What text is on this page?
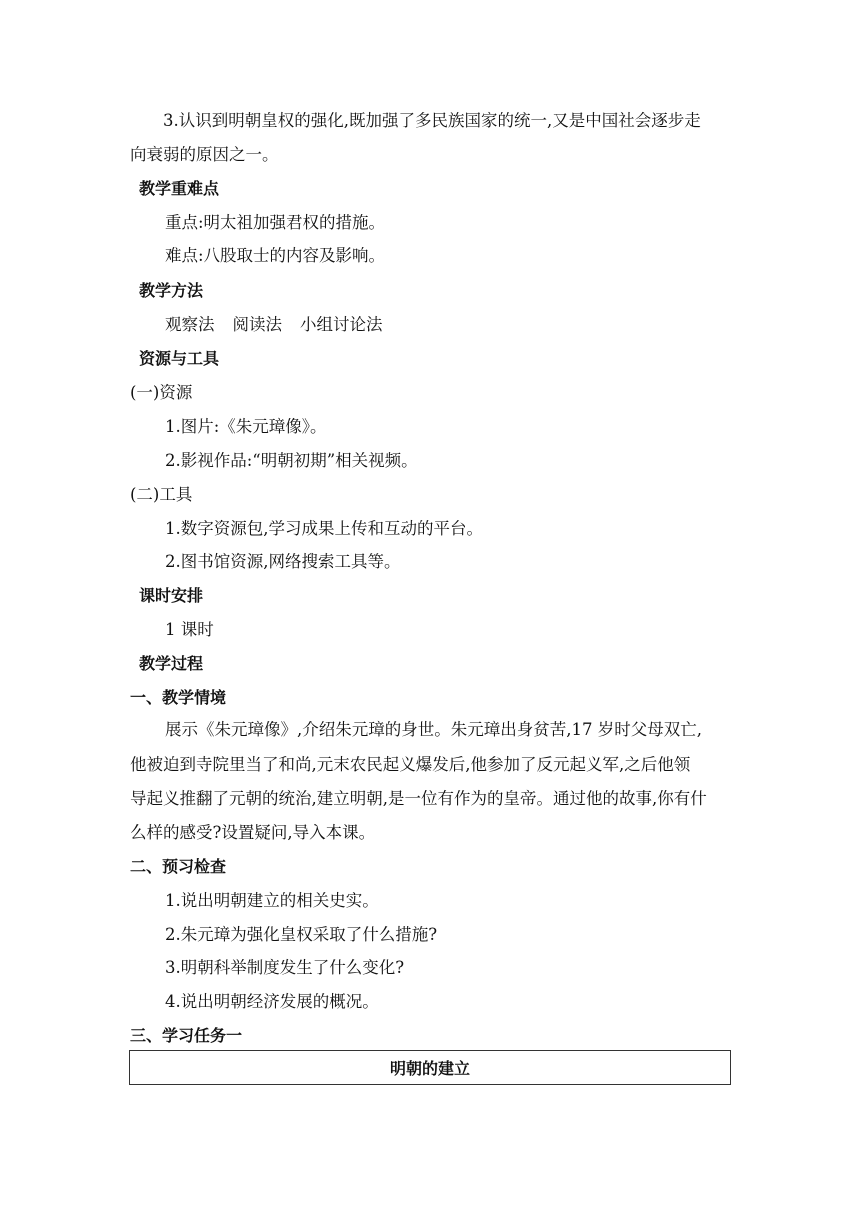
3.认识到明朝皇权的强化,既加强了多民族国家的统一,又是中国社会逐步走
向衰弱的原因之一。
教学重难点
重点:明太祖加强君权的措施。
难点:八股取士的内容及影响。
教学方法
观察法 阅读法 小组讨论法
资源与工具
(一)资源
1.图片:《朱元璋像》。
2.影视作品:“明朝初期”相关视频。
(二)工具
1.数字资源包,学习成果上传和互动的平台。
2.图书馆资源,网络搜索工具等。
课时安排
1 课时
教学过程
一、教学情境
展示《朱元璋像》,介绍朱元璋的身世。朱元璋出身贫苦,17 岁时父母双亡,
他被迫到寺院里当了和尚,元末农民起义爆发后,他参加了反元起义军,之后他领
导起义推翻了元朝的统治,建立明朝,是一位有作为的皇帝。通过他的故事,你有什
么样的感受?设置疑问,导入本课。
二、预习检查
1.说出明朝建立的相关史实。
2.朱元璋为强化皇权采取了什么措施?
3.明朝科举制度发生了什么变化?
4.说出明朝经济发展的概况。
三、学习任务一
明朝的建立
